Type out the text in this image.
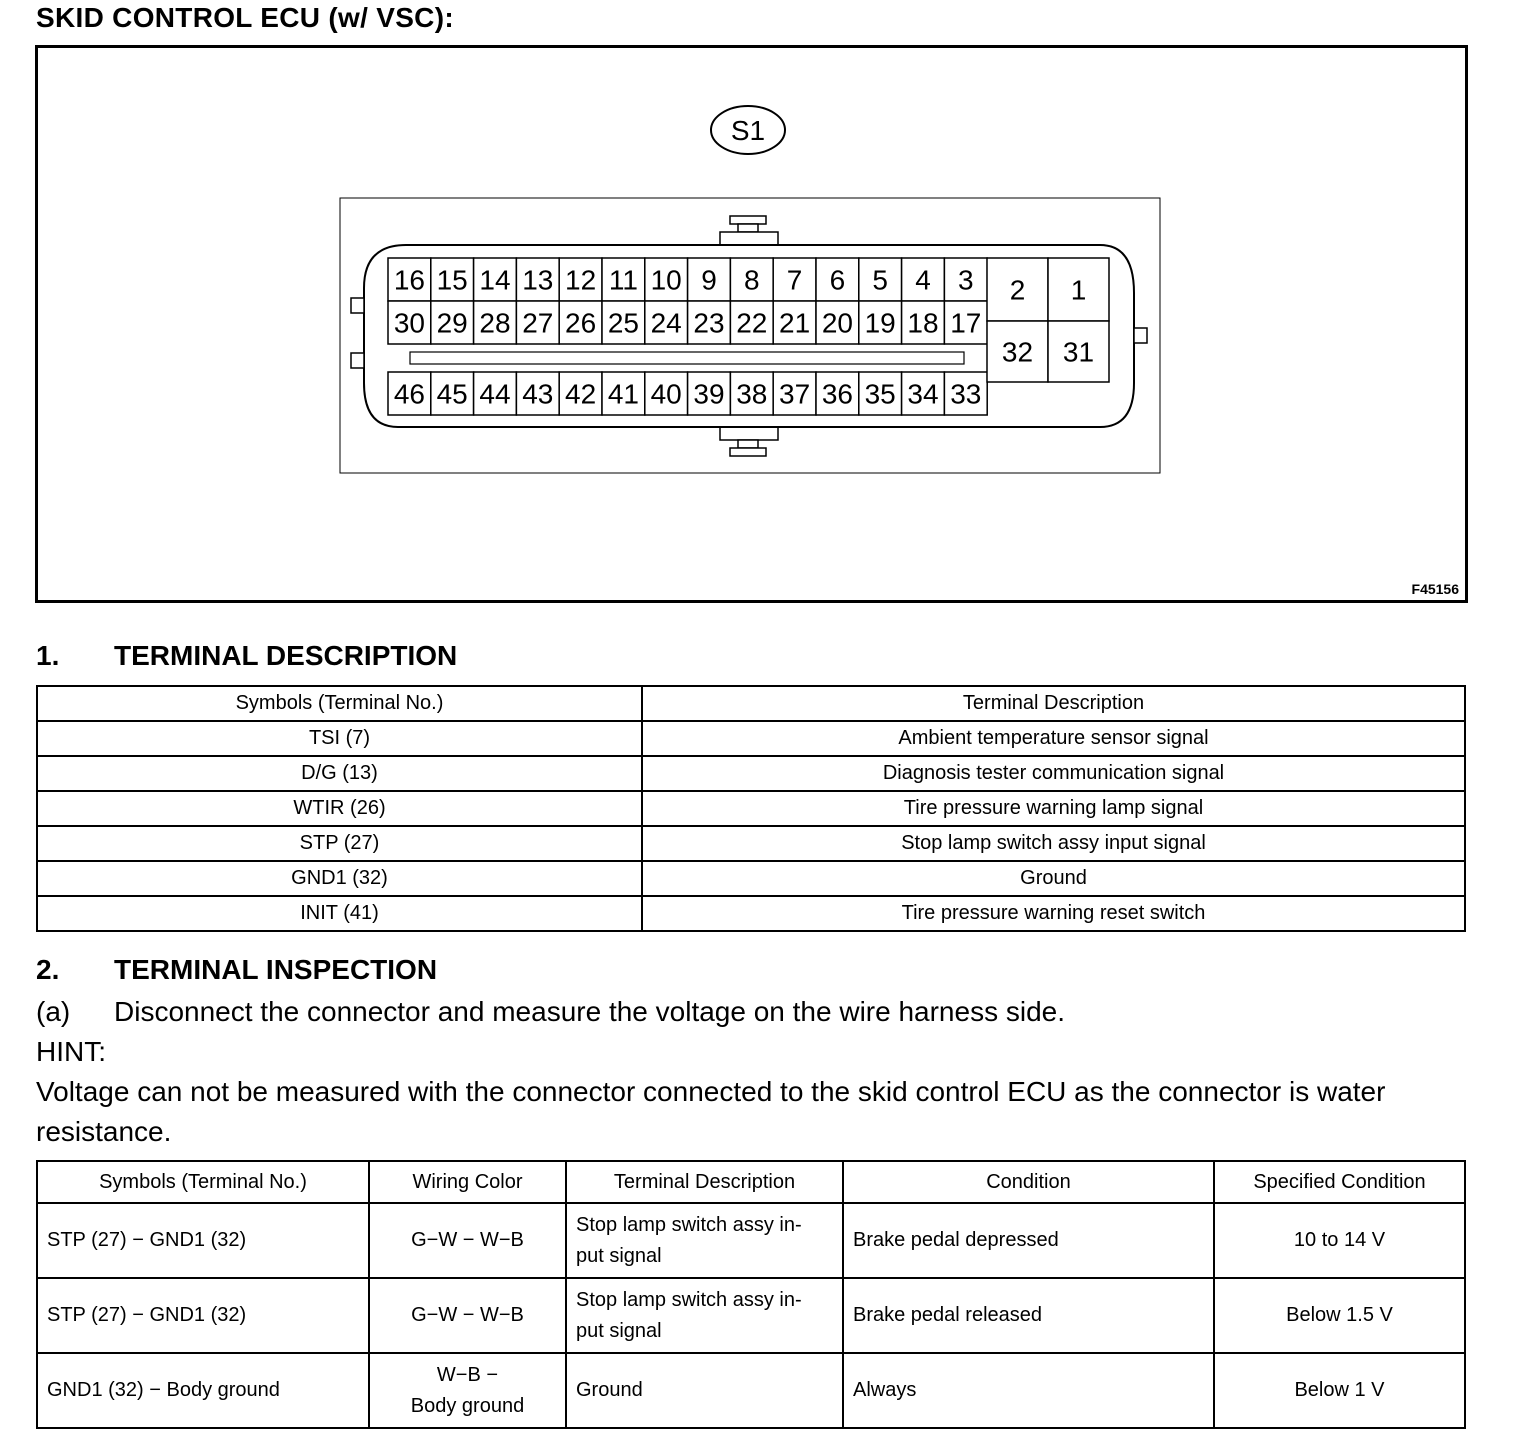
SKID CONTROL ECU (w/ VSC):
S1
16 15 14 13 12 11 10 9 8 7 6 5 4 3
30 29 28 27 26 25 24 23 22 21 20 19 18 17
46 45 44 43 42 41 40 39 38 37 36 35 34 33
2 1
32 31
F45156
1. TERMINAL DESCRIPTION
Symbols (Terminal No.)	Terminal Description
TSI (7)	Ambient temperature sensor signal
D/G (13)	Diagnosis tester communication signal
WTIR (26)	Tire pressure warning lamp signal
STP (27)	Stop lamp switch assy input signal
GND1 (32)	Ground
INIT (41)	Tire pressure warning reset switch
2. TERMINAL INSPECTION
(a) Disconnect the connector and measure the voltage on the wire harness side.
HINT:
Voltage can not be measured with the connector connected to the skid control ECU as the connector is water resistance.
Symbols (Terminal No.)	Wiring Color	Terminal Description	Condition	Specified Condition
STP (27) − GND1 (32)	G−W − W−B	Stop lamp switch assy in-
put signal	Brake pedal depressed	10 to 14 V
STP (27) − GND1 (32)	G−W − W−B	Stop lamp switch assy in-
put signal	Brake pedal released	Below 1.5 V
GND1 (32) − Body ground	W−B −
Body ground	Ground	Always	Below 1 V
